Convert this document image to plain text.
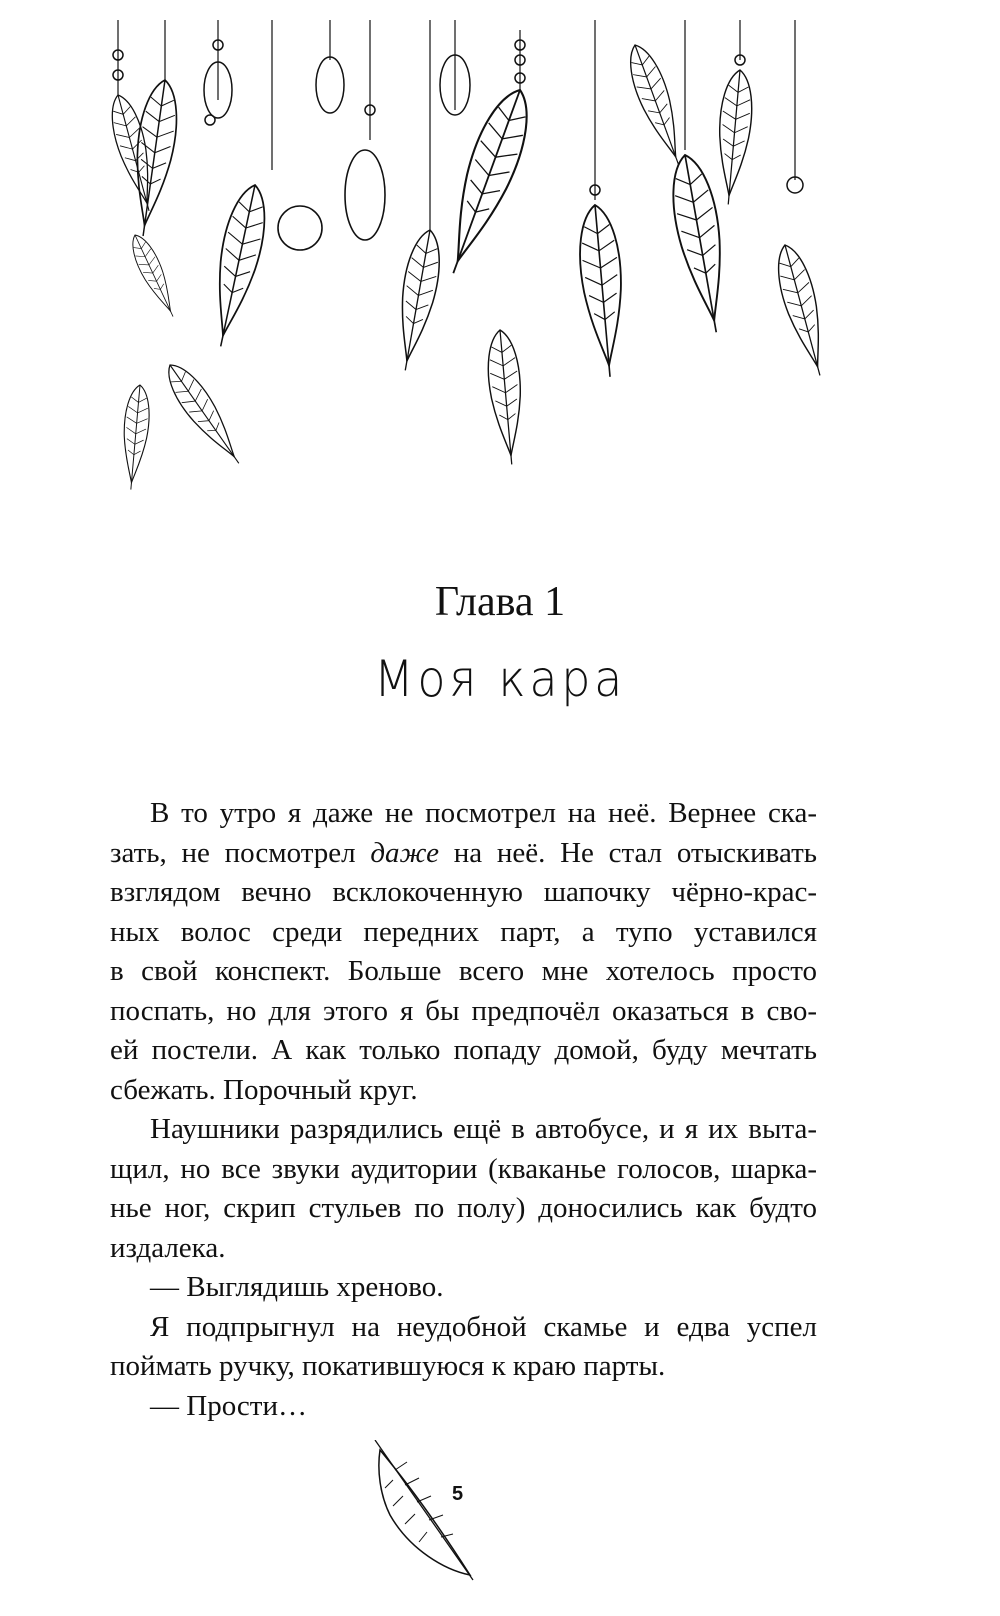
Глава 1
Моя кара
В то утро я даже не посмотрел на неё. Вернее ска-
зать, не посмотрел даже на неё. Не стал отыскивать
взглядом вечно всклокоченную шапочку чёрно-крас-
ных волос среди передних парт, а тупо уставился
в свой конспект. Больше всего мне хотелось просто
поспать, но для этого я бы предпочёл оказаться в сво-
ей постели. А как только попаду домой, буду мечтать
сбежать. Порочный круг.
Наушники разрядились ещё в автобусе, и я их выта-
щил, но все звуки аудитории (кваканье голосов, шарка-
нье ног, скрип стульев по полу) доносились как будто
издалека.
— Выглядишь хреново.
Я подпрыгнул на неудобной скамье и едва успел
поймать ручку, покатившуюся к краю парты.
— Прости…
5
